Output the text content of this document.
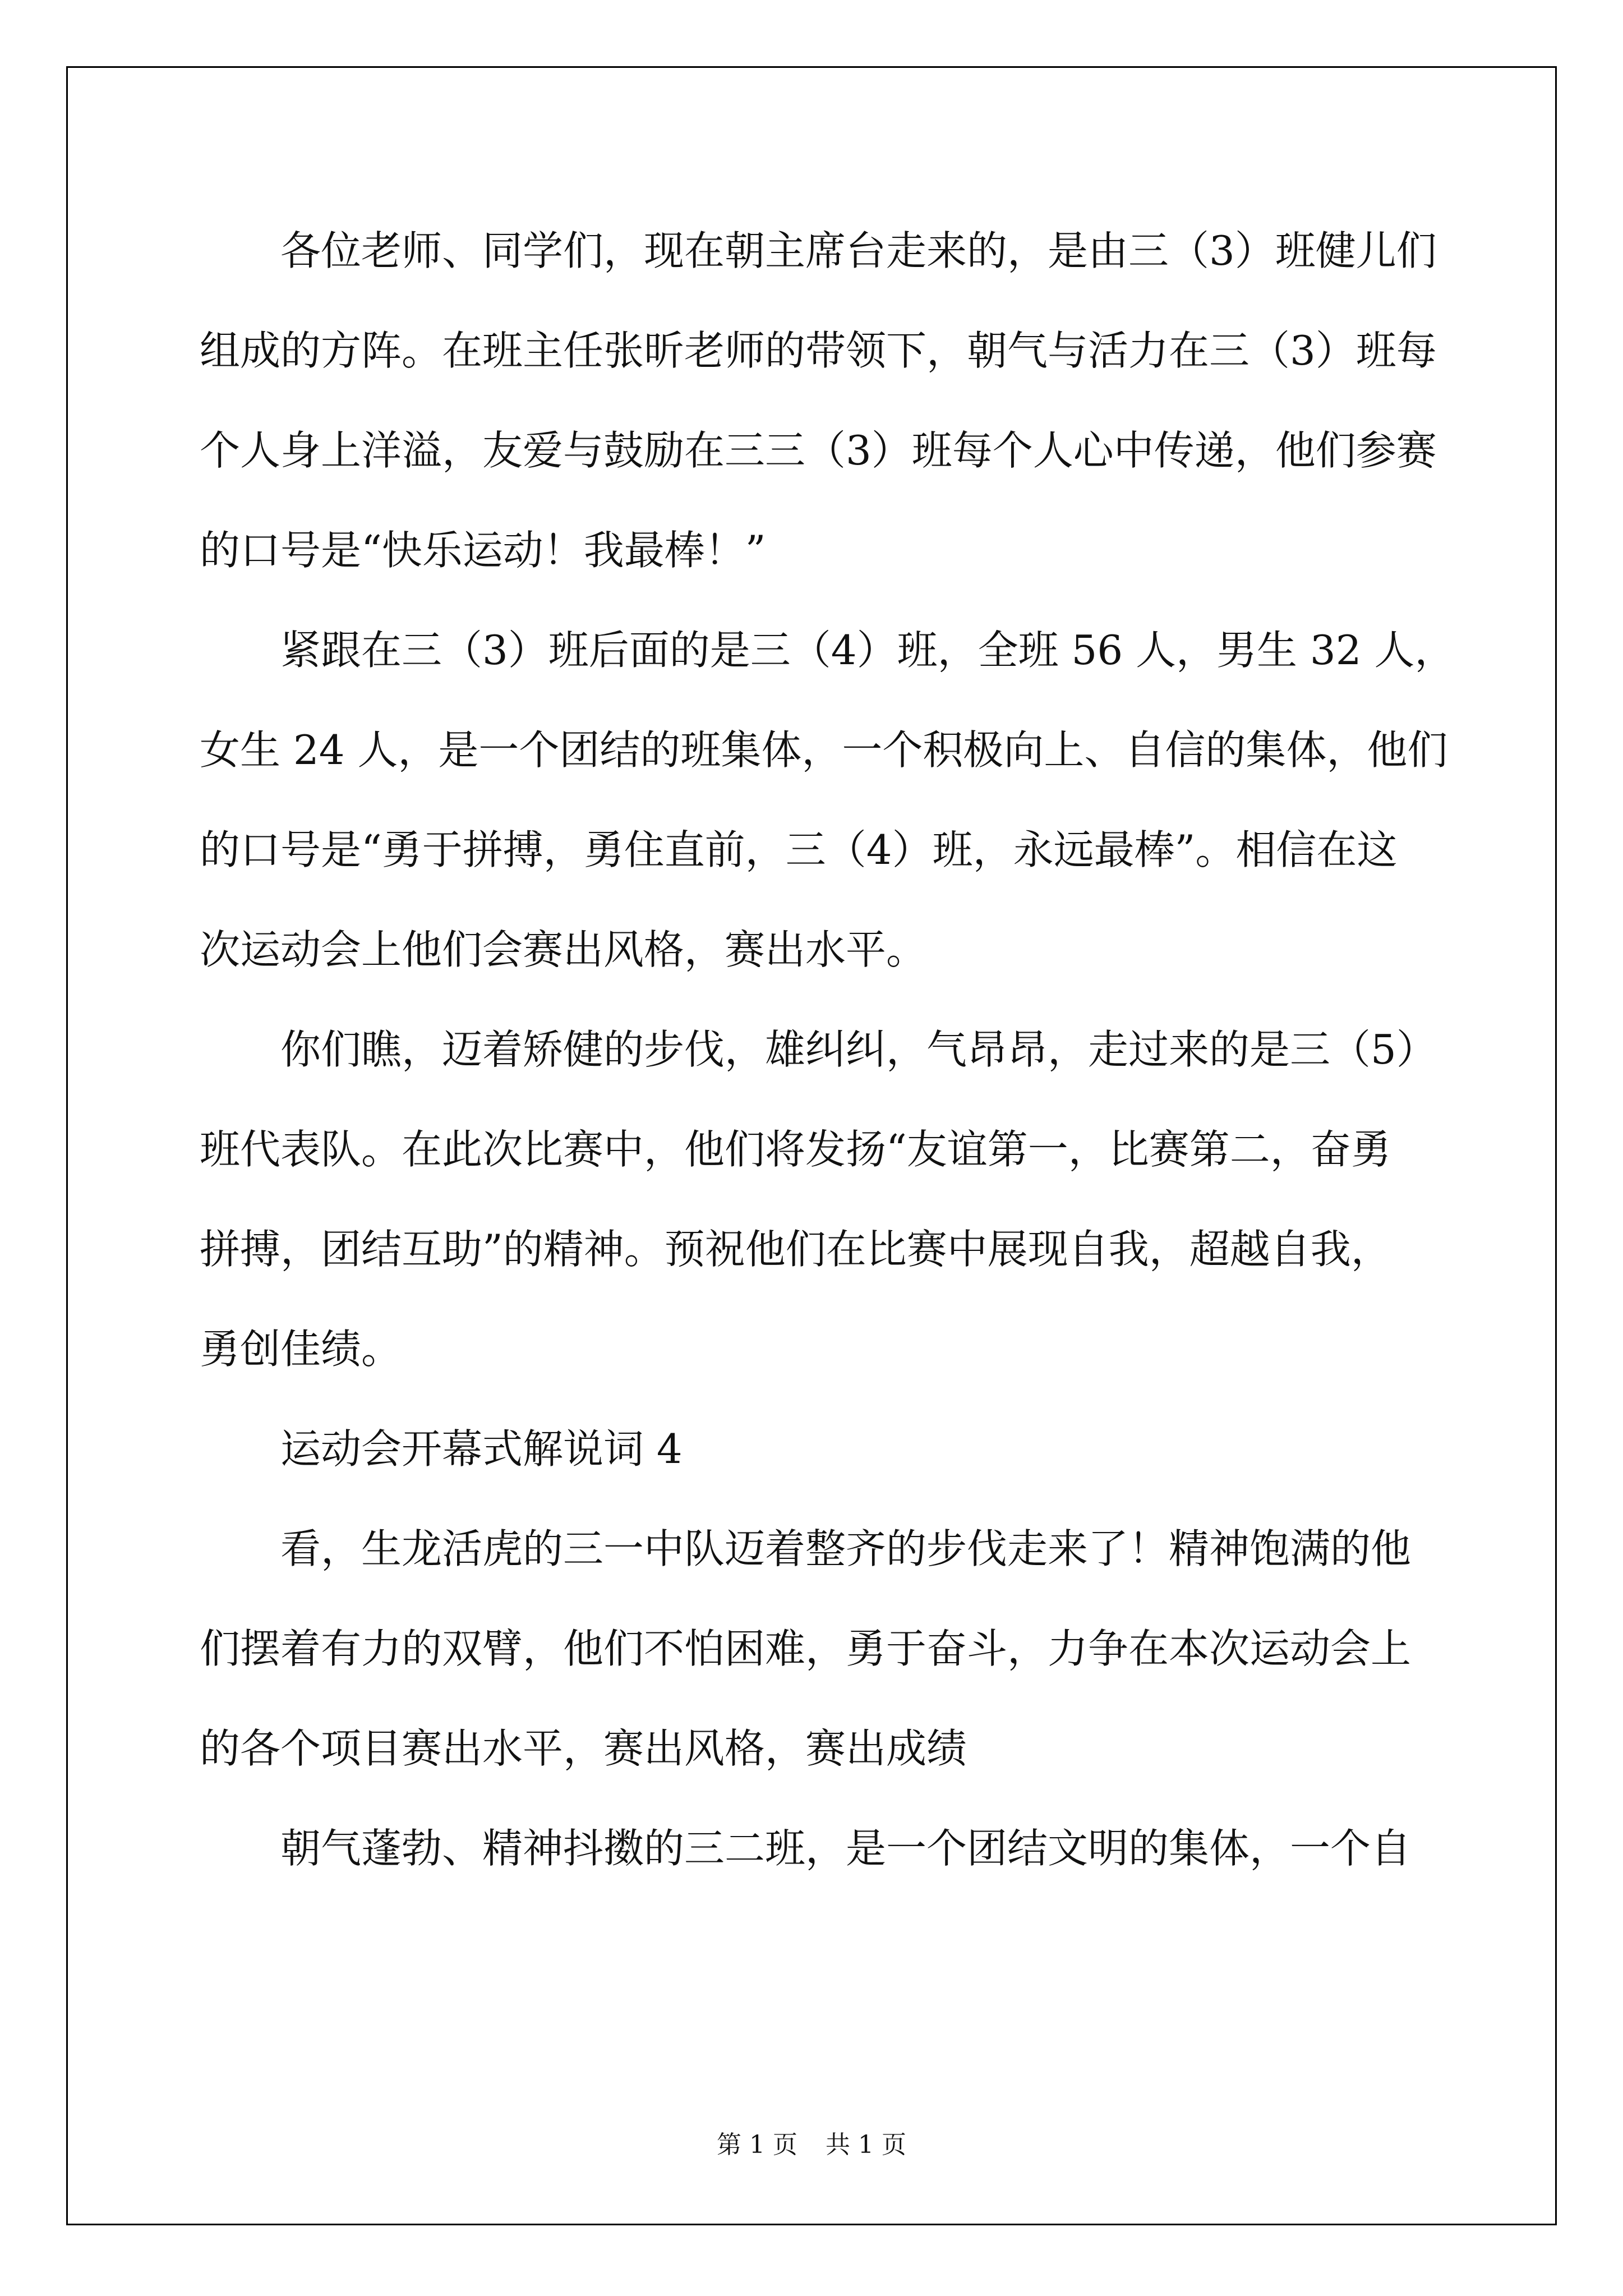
各位老师、同学们，现在朝主席台走来的，是由三（3）班健儿们
组成的方阵。在班主任张昕老师的带领下，朝气与活力在三（3）班每
个人身上洋溢，友爱与鼓励在三三（3）班每个人心中传递，他们参赛
的口号是“快乐运动！我最棒！”
紧跟在三（3）班后面的是三（4）班，全班 56 人，男生 32 人，
女生 24 人，是一个团结的班集体，一个积极向上、自信的集体，他们
的口号是“勇于拼搏，勇住直前，三（4）班，永远最棒”。相信在这
次运动会上他们会赛出风格，赛出水平。
你们瞧，迈着矫健的步伐，雄纠纠，气昂昂，走过来的是三（5）
班代表队。在此次比赛中，他们将发扬“友谊第一，比赛第二，奋勇
拼搏，团结互助”的精神。预祝他们在比赛中展现自我，超越自我，
勇创佳绩。
运动会开幕式解说词 4
看，生龙活虎的三一中队迈着整齐的步伐走来了！精神饱满的他
们摆着有力的双臂，他们不怕困难，勇于奋斗，力争在本次运动会上
的各个项目赛出水平，赛出风格，赛出成绩
朝气蓬勃、精神抖擞的三二班，是一个团结文明的集体，一个自
第 1 页 共 1 页
